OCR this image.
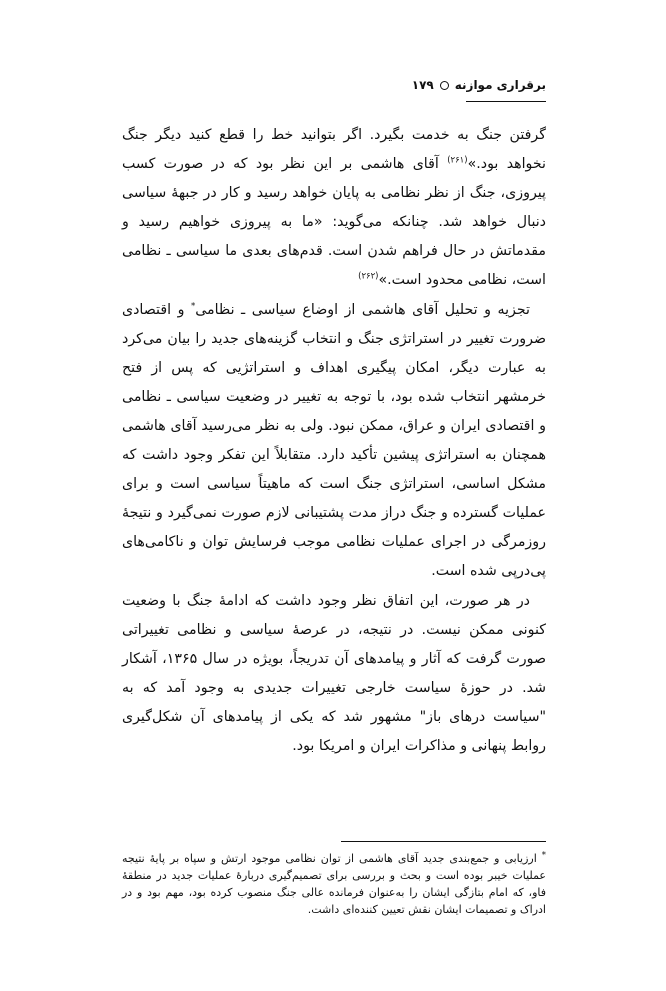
برقراری موازنه
۱۷۹

گرفتن جنگ به خدمت بگیرد. اگر بتوانید خط را قطع کنید دیگر جنگ نخواهد بود.»$^{(۲۶۱)}$ آقای هاشمی بر این نظر بود که در صورت کسب پیروزی، جنگ از نظر نظامی به پایان خواهد رسید و کار در جبهۀ سیاسی دنبال خواهد شد. چنانکه می‌گوید: «ما به پیروزی خواهیم رسید و مقدماتش در حال فراهم شدن است. قدم‌های بعدی ما سیاسی ـ نظامی است، نظامی محدود است.»$^{(۲۶۲)}$

تجزیه و تحلیل آقای هاشمی از اوضاع سیاسی ـ نظامی* و اقتصادی ضرورت تغییر در استراتژی جنگ و انتخاب گزینه‌های جدید را بیان می‌کرد به عبارت دیگر، امکان پیگیری اهداف و استراتژیی که پس از فتح خرمشهر انتخاب شده بود، با توجه به تغییر در وضعیت سیاسی ـ نظامی و اقتصادی ایران و عراق، ممکن نبود. ولی به نظر می‌رسید آقای هاشمی همچنان به استراتژی پیشین تأکید دارد. متقابلاً این تفکر وجود داشت که مشکل اساسی، استراتژی جنگ است که ماهیتاً سیاسی است و برای عملیات گسترده و جنگ دراز مدت پشتیبانی لازم صورت نمی‌گیرد و نتیجۀ روزمرگی در اجرای عملیات نظامی موجب فرسایش توان و ناکامی‌های پی‌درپی شده است.

در هر صورت، این اتفاق نظر وجود داشت که ادامۀ جنگ با وضعیت کنونی ممکن نیست. در نتیجه، در عرصۀ سیاسی و نظامی تغییراتی صورت گرفت که آثار و پیامدهای آن تدریجاً، بویژه در سال ۱۳۶۵، آشکار شد. در حوزۀ سیاست خارجی تغییرات جدیدی به وجود آمد که به "سیاست درهای باز" مشهور شد که یکی از پیامدهای آن شکل‌گیری روابط پنهانی و مذاکرات ایران و امریکا بود.

* ارزیابی و جمع‌بندی جدید آقای هاشمی از توان نظامی موجود ارتش و سپاه بر پایۀ نتیجه عملیات خیبر بوده است و بحث و بررسی برای تصمیم‌گیری دربارۀ عملیات جدید در منطقۀ فاو، که امام بتازگی ایشان را به‌عنوان فرمانده عالی جنگ منصوب کرده بود، مهم بود و در ادراک و تصمیمات ایشان نقش تعیین کننده‌ای داشت.
